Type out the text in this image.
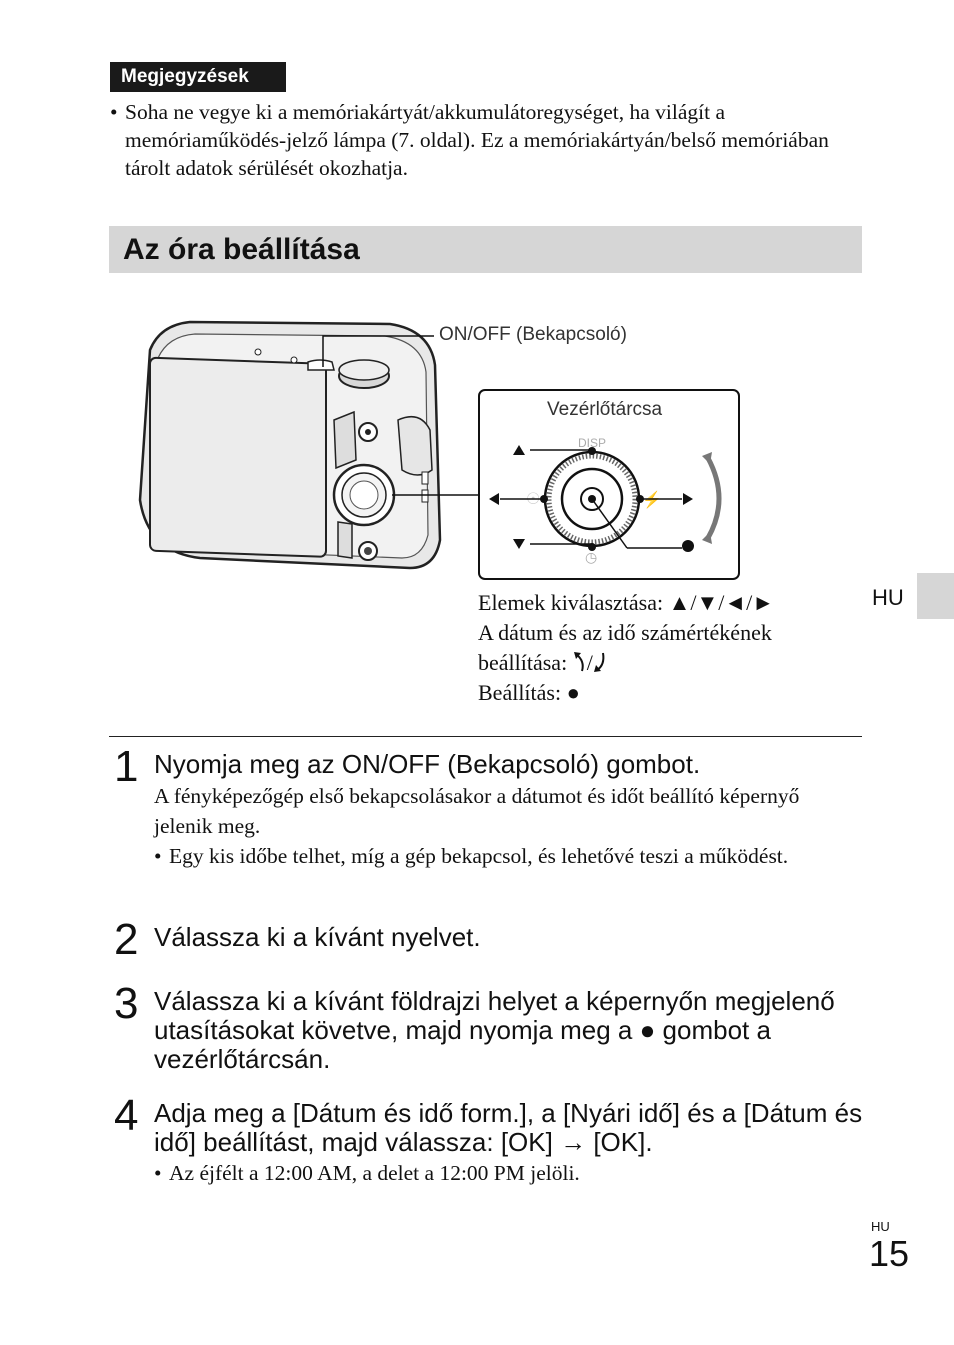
Megjegyzések
• Soha ne vegye ki a memóriakártyát/akkumulátoregységet, ha világít a memóriaműködés-jelző lámpa (7. oldal). Ez a memóriakártyán/belső memóriában tárolt adatok sérülését okozhatja.
Az óra beállítása
DISP
☉	⚡
◷
ON/OFF (Bekapcsoló)
Vezérlőtárcsa
Elemek kiválasztása: ▲/▼/◄/►
A dátum és az idő számértékének
beállítása: /
Beállítás: ●
HU
1 Nyomja meg az ON/OFF (Bekapcsoló) gombot.
A fényképezőgép első bekapcsolásakor a dátumot és időt beállító képernyő jelenik meg.
• Egy kis időbe telhet, míg a gép bekapcsol, és lehetővé teszi a működést.
2 Válassza ki a kívánt nyelvet.
3 Válassza ki a kívánt földrajzi helyet a képernyőn megjelenő utasításokat követve, majd nyomja meg a ● gombot a vezérlőtárcsán.
4 Adja meg a [Dátum és idő form.], a [Nyári idő] és a [Dátum és idő] beállítást, majd válassza: [OK] → [OK].
• Az éjfélt a 12:00 AM, a delet a 12:00 PM jelöli.
HU
15
